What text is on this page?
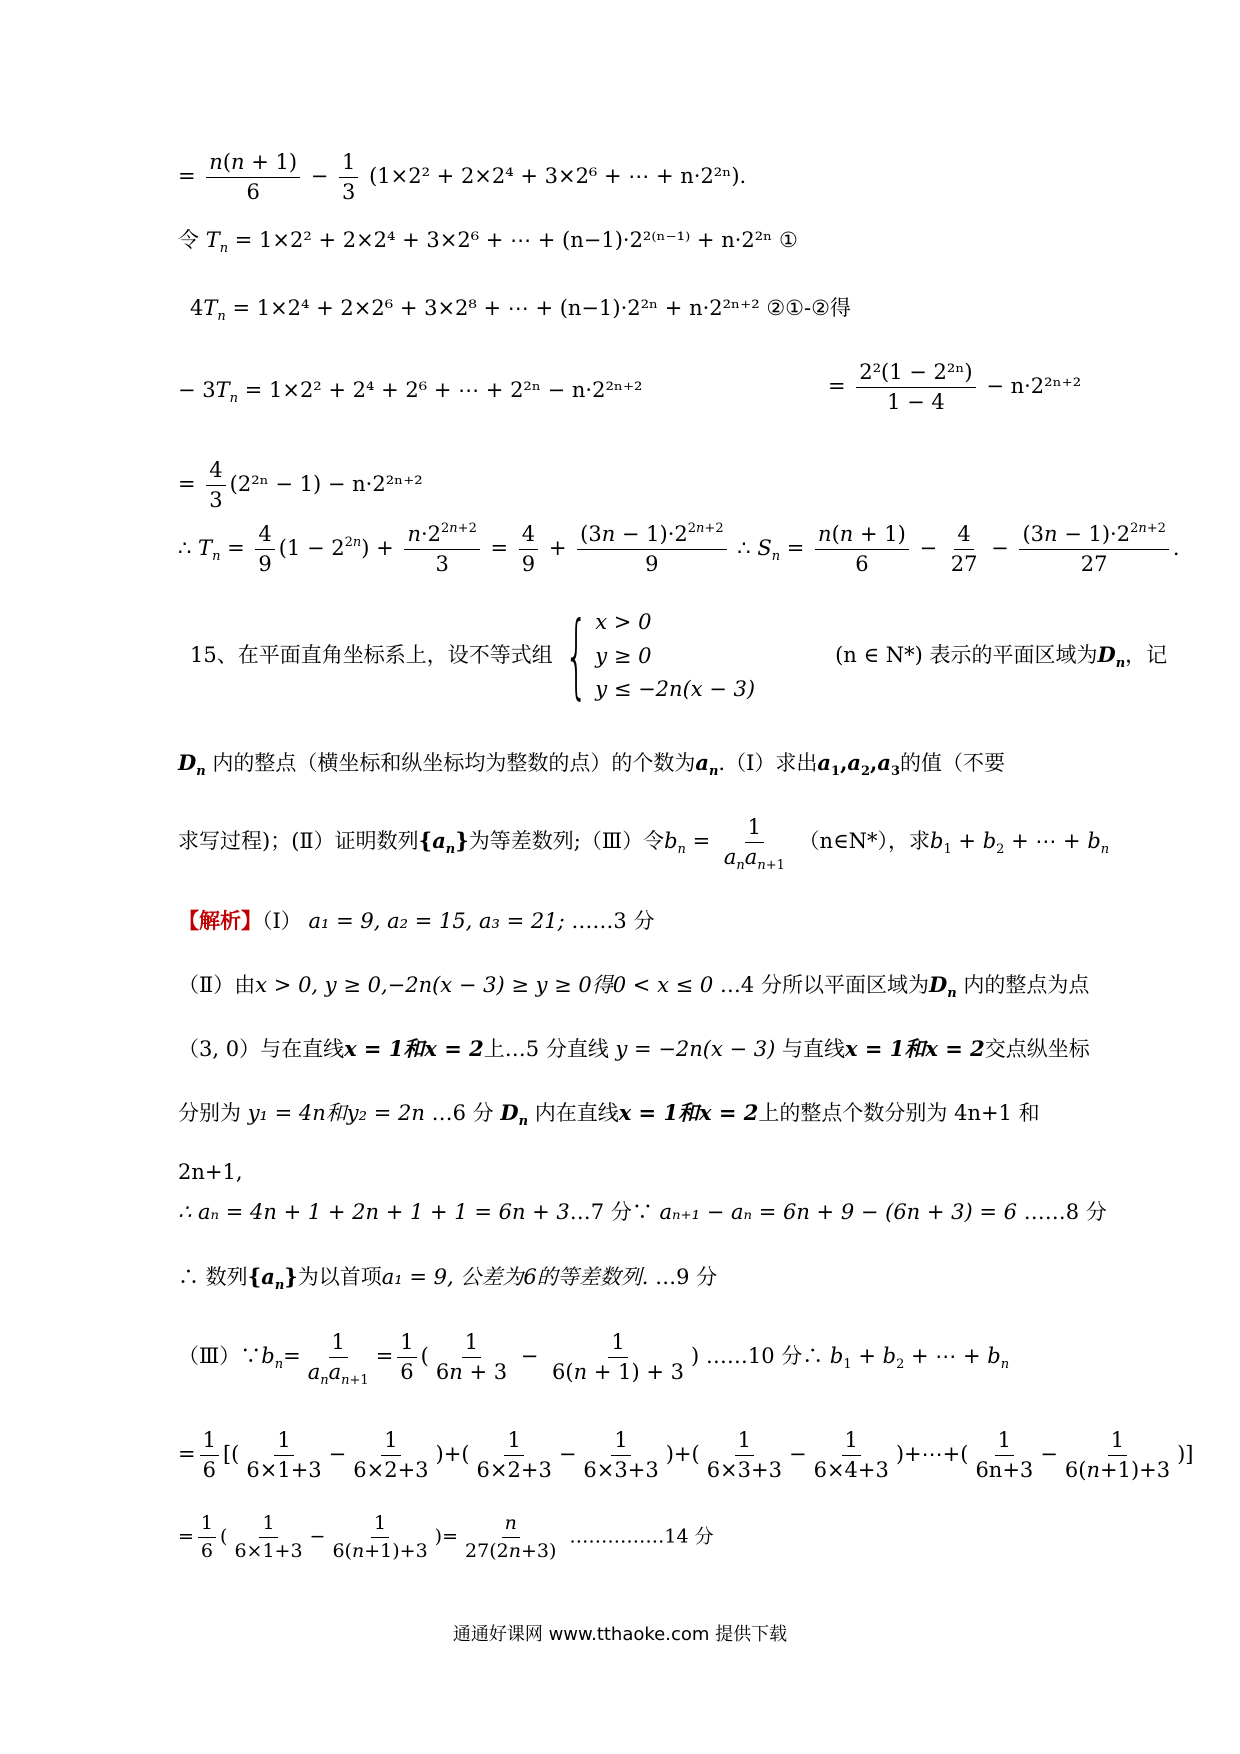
= $\frac{n(n + 1)}{6} - \frac{1}{3} (1\times 2^2 + 2\times 2^4 + 3\times 2^6$ + ⋯ + n·2²ⁿ).
令 $T_n = 1\times 2^2 + 2\times 2^4 + 3\times 2^6$ + ⋯ + (n−1)·2²⁽ⁿ⁻¹⁾ + n·2²ⁿ ①
$4T_n = 1\times 2^4 + 2\times 2^6 + 3\times 2^8$ + ⋯ + (n−1)·2²ⁿ + n·2²ⁿ⁺² ②①-②得
− $3T_n = 1\times 2^2 + 2^4 + 2^6$ + ⋯ + 2²ⁿ − n·2²ⁿ⁺²	= $\frac{\text{2²(1 − 2²ⁿ)}}{1 - 4} - n\cdot 2^{2n+2}$
= $\frac{4}{3} (2^{2n} - 1) - n\cdot 2^{2n+2}$
∴ $T_n = \frac{4}{9} (1 - 2^{2n}) + \frac{n\cdot 2^{2n+2}}{3} = \frac{4}{9} + \frac{(3n - 1)\cdot 2^{2n+2}}{9}$ ∴ $S_n = \frac{n(n + 1)}{6} - \frac{4}{27} - \frac{(3n - 1)\cdot 2^{2n+2}}{27}$ .
15、在平面直角坐标系上，设不等式组 { x > 0
y ≥ 0
y ≤ −2n(x − 3)
(n ∈ N*) 表示的平面区域为$D_n$，记
$D_n$ 内的整点（横坐标和纵坐标均为整数的点）的个数为$a_n.(Ⅰ)$求出$a_1,a_2,a_3$的值（不要
求写过程)；(Ⅱ）证明数列$\{a_n\}$为等差数列;（Ⅲ）令$b_n = \frac{1}{a_na_{n+1}}$ （n∈N*），求$b_1 + b_2$ + ⋯ + $b_n$
【解析】（Ⅰ） a₁ = 9, a₂ = 15, a₃ = 21; ……3 分
（Ⅱ）由x > 0, y ≥ 0,−2n(x − 3) ≥ y ≥ 0得0 < x ≤ 0 …4 分所以平面区域为$D_n$ 内的整点为点
（3, 0）与在直线x = 1和x = 2上…5 分直线 y = −2n(x − 3) 与直线x = 1和x = 2交点纵坐标
分别为 y₁ = 4n和y₂ = 2n …6 分 $D_n$ 内在直线x = 1和x = 2上的整点个数分别为 4n+1 和
2n+1,
∴ aₙ = 4n + 1 + 2n + 1 + 1 = 6n + 3…7 分∵ aₙ₊₁ − aₙ = 6n + 9 − (6n + 3) = 6 ……8 分
∴ 数列$\{a_n\}$为以首项a₁ = 9, 公差为6的等差数列. …9 分
$(Ⅲ)\because b_n= \frac{1}{a_na_{n+1}} = \frac{1}{6}$ ( $\frac{1}{6n + 3} - \frac{1}{6(n + 1) + 3}$ ) ……10 分∴ $b_1 + b_2$ + ⋯ + $b_n$
= $\frac{1}{6}$ [( $\frac{1}{6\times 1+3} - \frac{1}{6\times 2+3}$ )+( $\frac{1}{6\times 2+3} - \frac{1}{6\times 3+3}$ )+( $\frac{1}{6\times 3+3} - \frac{1}{6\times 4+3}$ )+⋯+( $\frac{1}{6n+3} - \frac{1}{6(n+1)+3}$ )]
= $\frac{1}{6}$ ( $\frac{1}{6\times 1+3} - \frac{1}{6(n+1)+3}$ )= $\frac{n}{27(2n+3)}$ ……………14 分
通通好课网 www.tthaoke.com 提供下载
